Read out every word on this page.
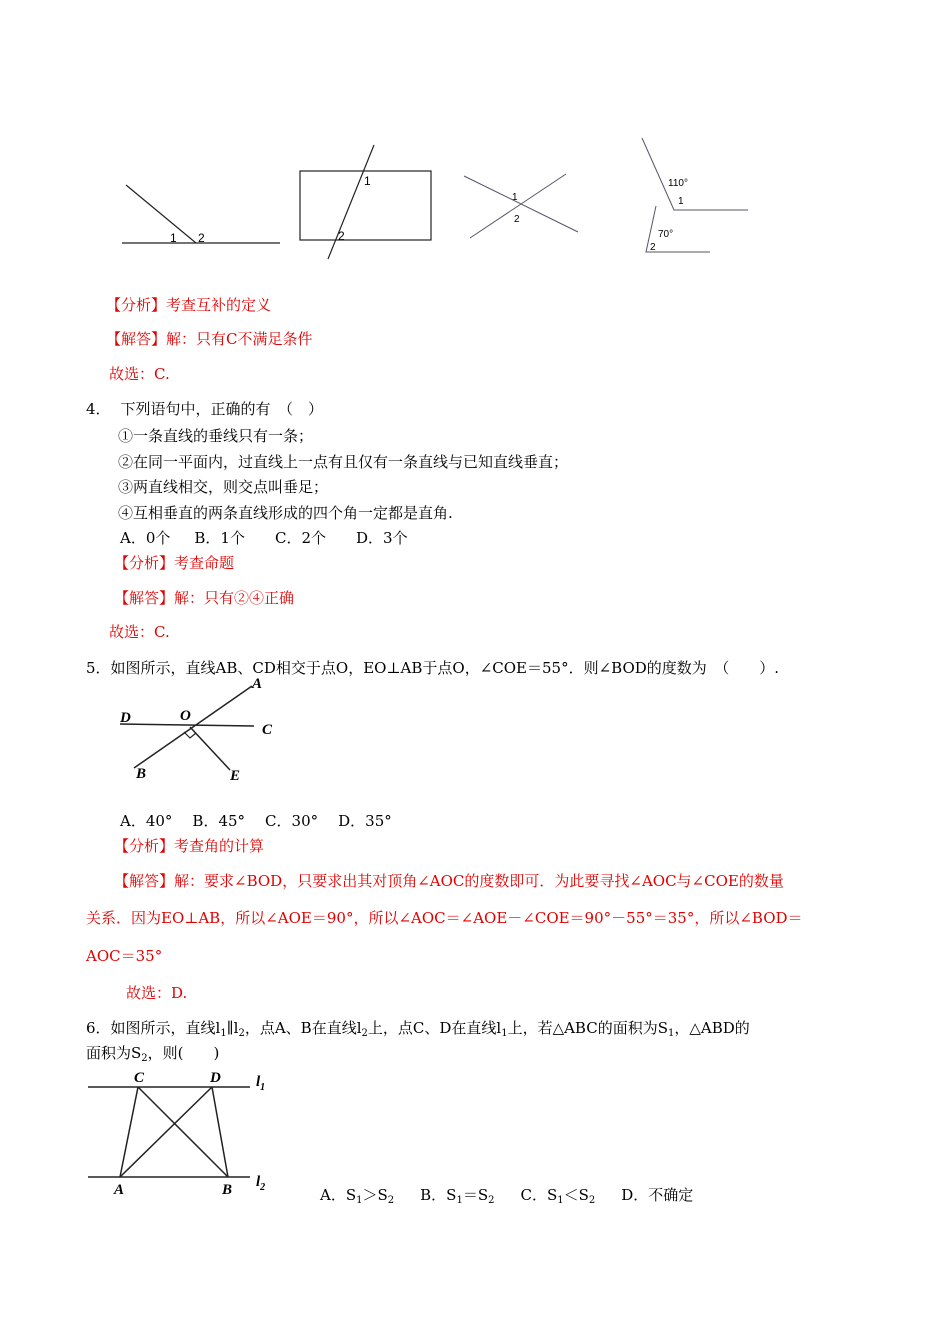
1 2
1
2
1
2
110°
1
70°
2
【分析】考查互补的定义
【解答】解：只有C不满足条件
故选：C.
4． 下列语句中，正确的有　（　）
①一条直线的垂线只有一条；
②在同一平面内，过直线上一点有且仅有一条直线与已知直线垂直；
③两直线相交，则交点叫垂足；
④互相垂直的两条直线形成的四个角一定都是直角.
A．0个 B．1个 C．2个 D．3个
【分析】考查命题
【解答】解：只有②④正确
故选：C.
5．如图所示，直线AB、CD相交于点O，EO⊥AB于点O，∠COE＝55°．则∠BOD的度数为　（　　）.
A
D	O
C
B	E
A．40° B．45° C．30° D．35°
【分析】考查角的计算
【解答】解：要求∠BOD，只要求出其对顶角∠AOC的度数即可．为此要寻找∠AOC与∠COE的数量
关系．因为EO⊥AB，所以∠AOE＝90°，所以∠AOC＝∠AOE－∠COE＝90°－55°＝35°，所以∠BOD＝
AOC＝35°
故选：D.
6．如图所示，直线$l_1\parallel l_2$，点A、B在直线$l_2$上，点C、D在直线$l_1$上，若△ABC的面积为$S_1$，△ABD的
面积为$S_2$，则(　　)
C	D
A	B
$l_1$
$l_2$	A．$S_1>S_2$ B．$S_1=S_2$ C．$S_1<S_2$ D．不确定
